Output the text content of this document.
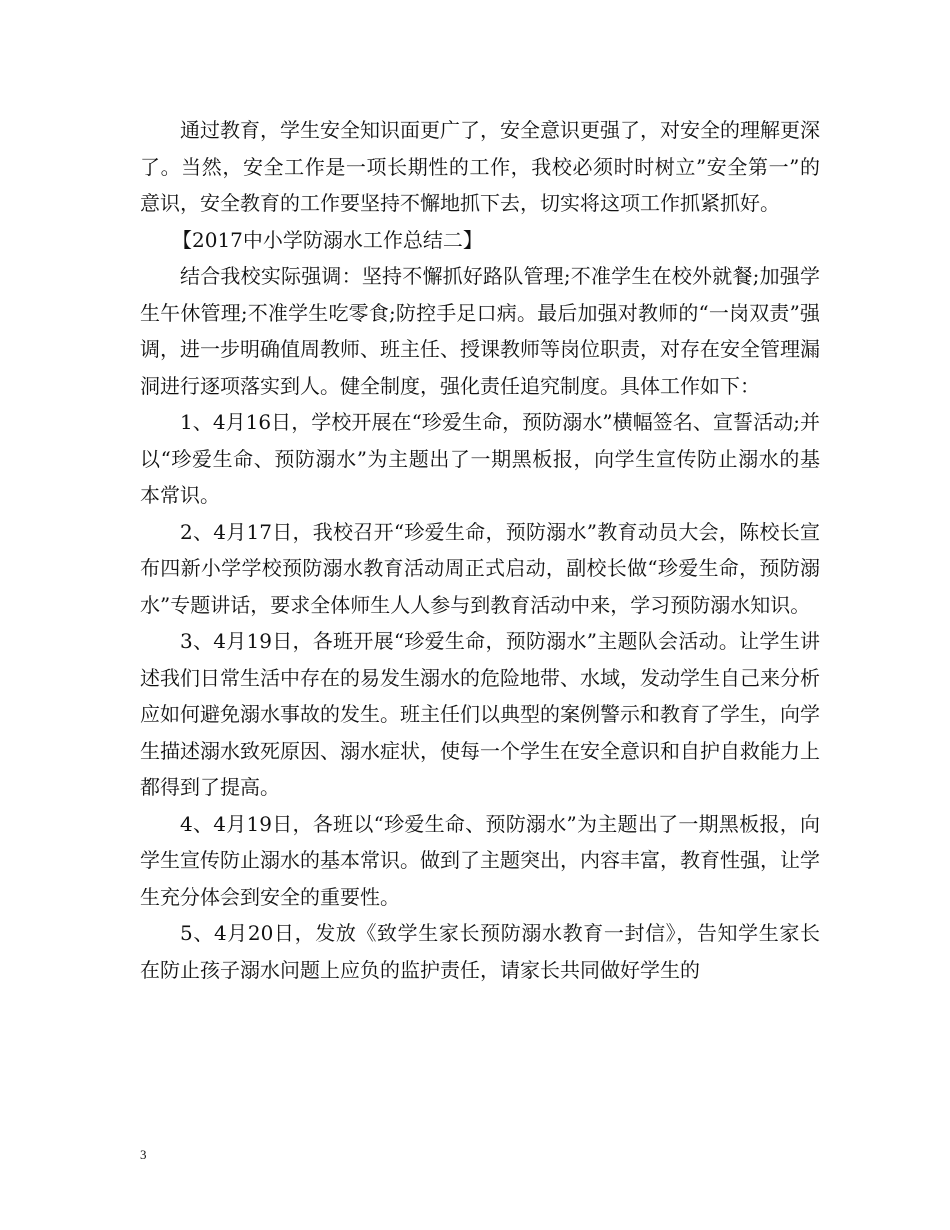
通过教育，学生安全知识面更广了，安全意识更强了，对安全的理解更深了。当然，安全工作是一项长期性的工作，我校必须时时树立”安全第一”的意识，安全教育的工作要坚持不懈地抓下去，切实将这项工作抓紧抓好。

【2017中小学防溺水工作总结二】

结合我校实际强调：坚持不懈抓好路队管理;不准学生在校外就餐;加强学生午休管理;不准学生吃零食;防控手足口病。最后加强对教师的“一岗双责”强调，进一步明确值周教师、班主任、授课教师等岗位职责，对存在安全管理漏洞进行逐项落实到人。健全制度，强化责任追究制度。具体工作如下：

1、4月16日，学校开展在“珍爱生命，预防溺水”横幅签名、宣誓活动;并以“珍爱生命、预防溺水”为主题出了一期黑板报，向学生宣传防止溺水的基本常识。

2、4月17日，我校召开“珍爱生命，预防溺水”教育动员大会，陈校长宣布四新小学学校预防溺水教育活动周正式启动，副校长做“珍爱生命，预防溺水”专题讲话，要求全体师生人人参与到教育活动中来，学习预防溺水知识。

3、4月19日，各班开展“珍爱生命，预防溺水”主题队会活动。让学生讲述我们日常生活中存在的易发生溺水的危险地带、水域，发动学生自己来分析应如何避免溺水事故的发生。班主任们以典型的案例警示和教育了学生，向学生描述溺水致死原因、溺水症状，使每一个学生在安全意识和自护自救能力上都得到了提高。

4、4月19日，各班以“珍爱生命、预防溺水”为主题出了一期黑板报，向学生宣传防止溺水的基本常识。做到了主题突出，内容丰富，教育性强，让学生充分体会到安全的重要性。

5、4月20日，发放《致学生家长预防溺水教育一封信》，告知学生家长在防止孩子溺水问题上应负的监护责任，请家长共同做好学生的

3
